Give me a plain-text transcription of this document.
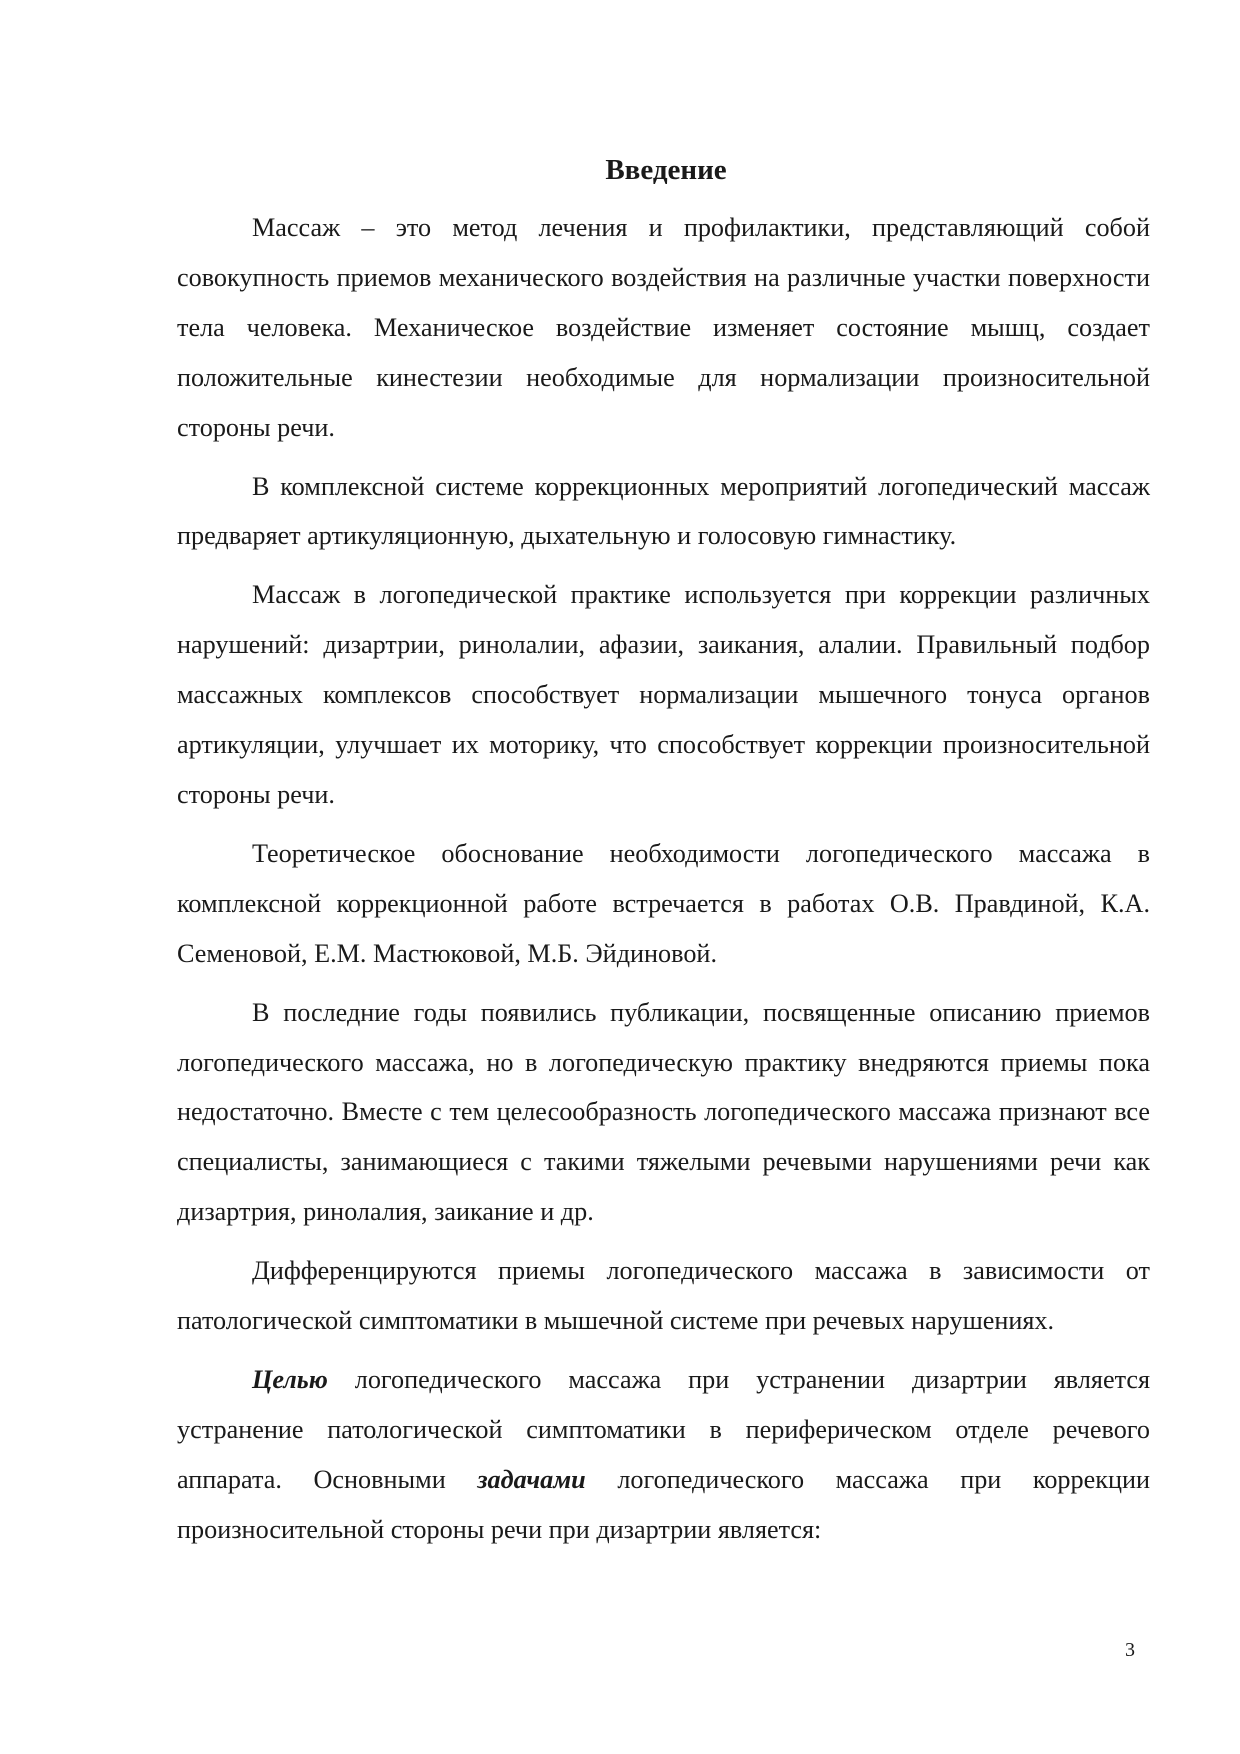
Введение

Массаж – это метод лечения и профилактики, представляющий собой совокупность приемов механического воздействия на различные участки поверхности тела человека. Механическое воздействие изменяет состояние мышц, создает положительные кинестезии необходимые для нормализации произносительной стороны речи.

В комплексной системе коррекционных мероприятий логопедический массаж предваряет артикуляционную, дыхательную и голосовую гимнастику.

Массаж в логопедической практике используется при коррекции различных нарушений: дизартрии, ринолалии, афазии, заикания, алалии. Правильный подбор массажных комплексов способствует нормализации мышечного тонуса органов артикуляции, улучшает их моторику, что способствует коррекции произносительной стороны речи.

Теоретическое обоснование необходимости логопедического массажа в комплексной коррекционной работе встречается в работах О.В. Правдиной, К.А. Семеновой, Е.М. Мастюковой, М.Б. Эйдиновой.

В последние годы появились публикации, посвященные описанию приемов логопедического массажа, но в логопедическую практику внедряются приемы пока недостаточно. Вместе с тем целесообразность логопедического массажа признают все специалисты, занимающиеся с такими тяжелыми речевыми нарушениями речи как дизартрия, ринолалия, заикание и др.

Дифференцируются приемы логопедического массажа в зависимости от патологической симптоматики в мышечной системе при речевых нарушениях.

Целью логопедического массажа при устранении дизартрии является устранение патологической симптоматики в периферическом отделе речевого аппарата. Основными задачами логопедического массажа при коррекции произносительной стороны речи при дизартрии является:

3
